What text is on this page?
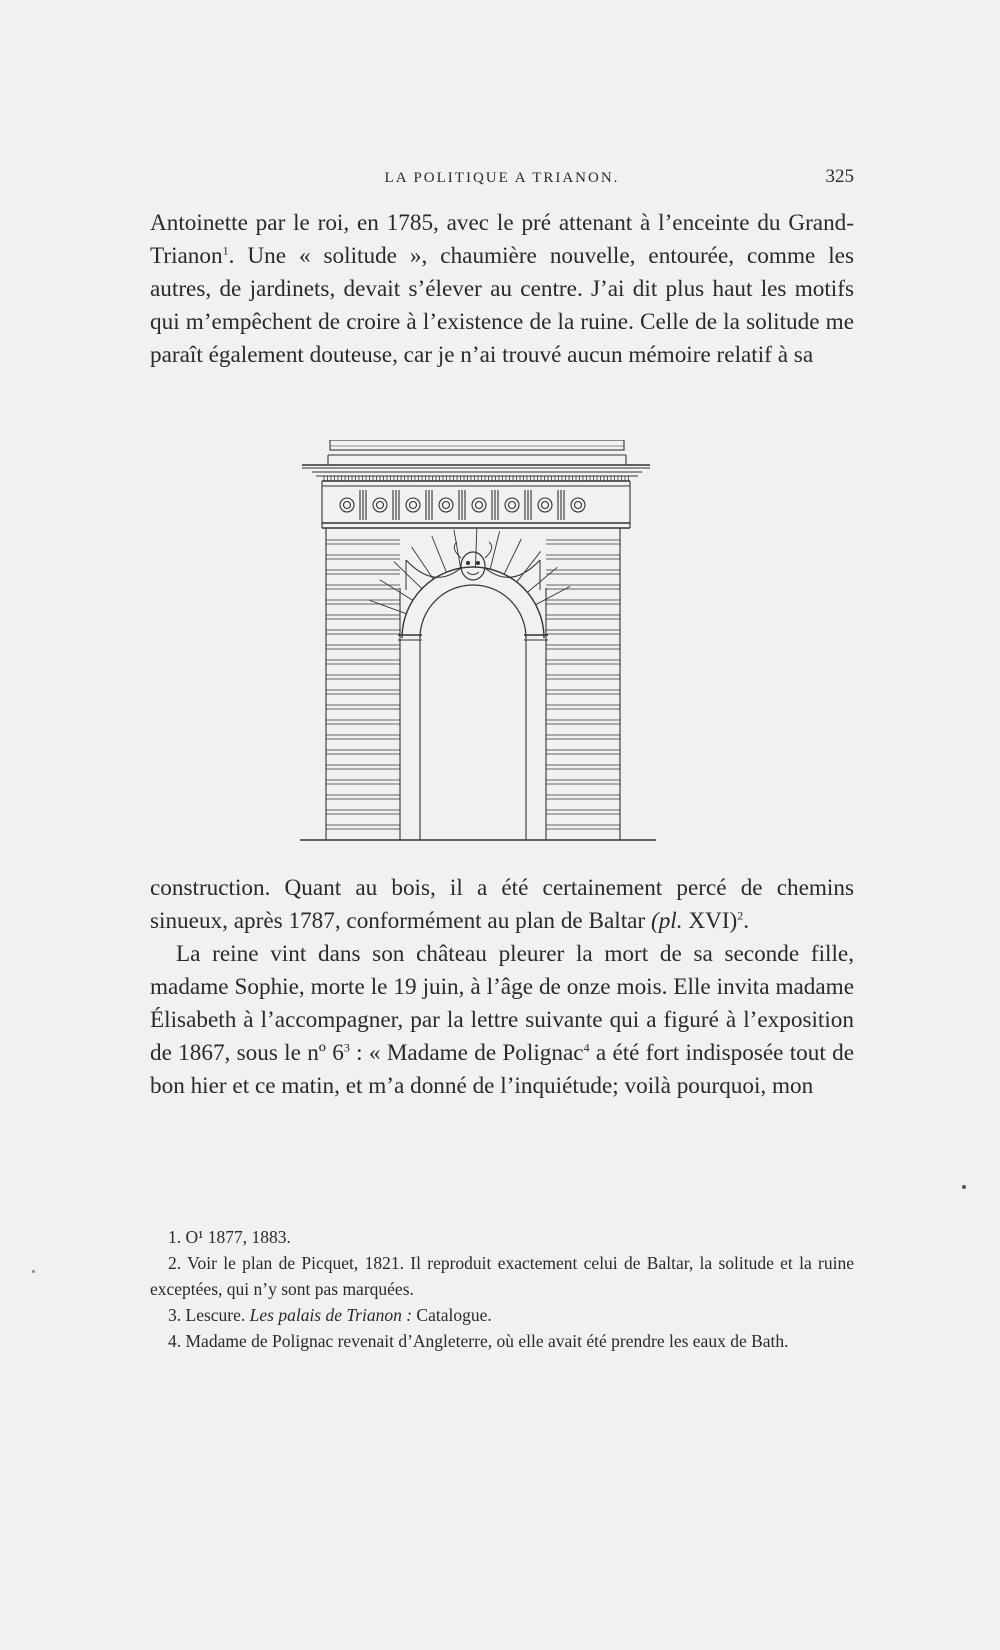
LA POLITIQUE A TRIANON.	325

Antoinette par le roi, en 1785, avec le pré attenant à l’enceinte du Grand-Trianon$^1$. Une « solitude », chaumière nouvelle, entourée, comme les autres, de jardinets, devait s’élever au centre. J’ai dit plus haut les motifs qui m’empêchent de croire à l’existence de la ruine. Celle de la solitude me paraît également douteuse, car je n’ai trouvé aucun mémoire relatif à sa

construction. Quant au bois, il a été certainement percé de chemins sinueux, après 1787, conformément au plan de Baltar (pl. XVI)$^2$.

La reine vint dans son château pleurer la mort de sa seconde fille, madame Sophie, morte le 19 juin, à l’âge de onze mois. Elle invita madame Élisabeth à l’accompagner, par la lettre suivante qui a figuré à l’exposition de 1867, sous le nº $6^3$ : « Madame de Polignac$^4$ a été fort indisposée tout de bon hier et ce matin, et m’a donné de l’inquiétude; voilà pourquoi, mon

1. O¹ 1877, 1883.

2. Voir le plan de Picquet, 1821. Il reproduit exactement celui de Baltar, la solitude et la ruine exceptées, qui n’y sont pas marquées.

3. Lescure. Les palais de Trianon : Catalogue.

4. Madame de Polignac revenait d’Angleterre, où elle avait été prendre les eaux de Bath.
